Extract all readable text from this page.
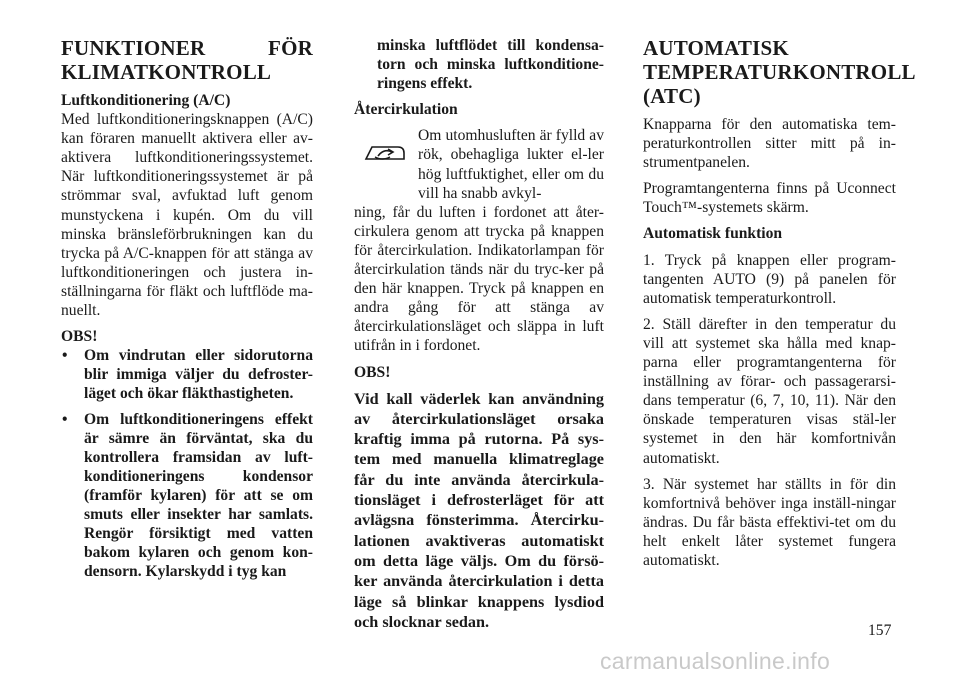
FUNKTIONER FÖR KLIMATKONTROLL

Luftkonditionering (A/C)

Med luftkonditioneringsknappen (A/C) kan föraren manuellt aktivera eller av-aktivera luftkonditioneringssystemet. När luftkonditioneringssystemet är på strömmar sval, avfuktad luft genom munstyckena i kupén. Om du vill minska bränsleförbrukningen kan du trycka på A/C-knappen för att stänga av luftkonditioneringen och justera in-ställningarna för fläkt och luftflöde ma-nuellt.

OBS!

• Om vindrutan eller sidorutorna blir immiga väljer du defroster-läget och ökar fläkthastigheten.
• Om luftkonditioneringens effekt är sämre än förväntat, ska du kontrollera framsidan av luft-konditioneringens kondensor (framför kylaren) för att se om smuts eller insekter har samlats. Rengör försiktigt med vatten bakom kylaren och genom kon-densorn. Kylarskydd i tyg kan

minska luftflödet till kondensa-torn och minska luftkonditione-ringens effekt.

Återcirkulation

Om utomhusluften är fylld av rök, obehagliga lukter el-ler hög luftfuktighet, eller om du vill ha snabb avkyl-

ning, får du luften i fordonet att åter-cirkulera genom att trycka på knappen för återcirkulation. Indikatorlampan för återcirkulation tänds när du tryc-ker på den här knappen. Tryck på knappen en andra gång för att stänga av återcirkulationsläget och släppa in luft utifrån in i fordonet.

OBS!

Vid kall väderlek kan användning av återcirkulationsläget orsaka kraftig imma på rutorna. På sys-tem med manuella klimatreglage får du inte använda återcirkula-tionsläget i defrosterläget för att avlägsna fönsterimma. Återcirku-lationen avaktiveras automatiskt om detta läge väljs. Om du försö-ker använda återcirkulation i detta läge så blinkar knappens lysdiod och slocknar sedan.

AUTOMATISK TEMPERATURKONTROLL (ATC)

Knapparna för den automatiska tem-peraturkontrollen sitter mitt på in-strumentpanelen.

Programtangenterna finns på Uconnect Touch™-systemets skärm.

Automatisk funktion

1. Tryck på knappen eller program-tangenten AUTO (9) på panelen för automatisk temperaturkontroll.

2. Ställ därefter in den temperatur du vill att systemet ska hålla med knap-parna eller programtangenterna för inställning av förar- och passagerarsi-dans temperatur (6, 7, 10, 11). När den önskade temperaturen visas stäl-ler systemet in den här komfortnivån automatiskt.

3. När systemet har ställts in för din komfortnivå behöver inga inställ-ningar ändras. Du får bästa effektivi-tet om du helt enkelt låter systemet fungera automatiskt.

157
carmanualsonline.info
